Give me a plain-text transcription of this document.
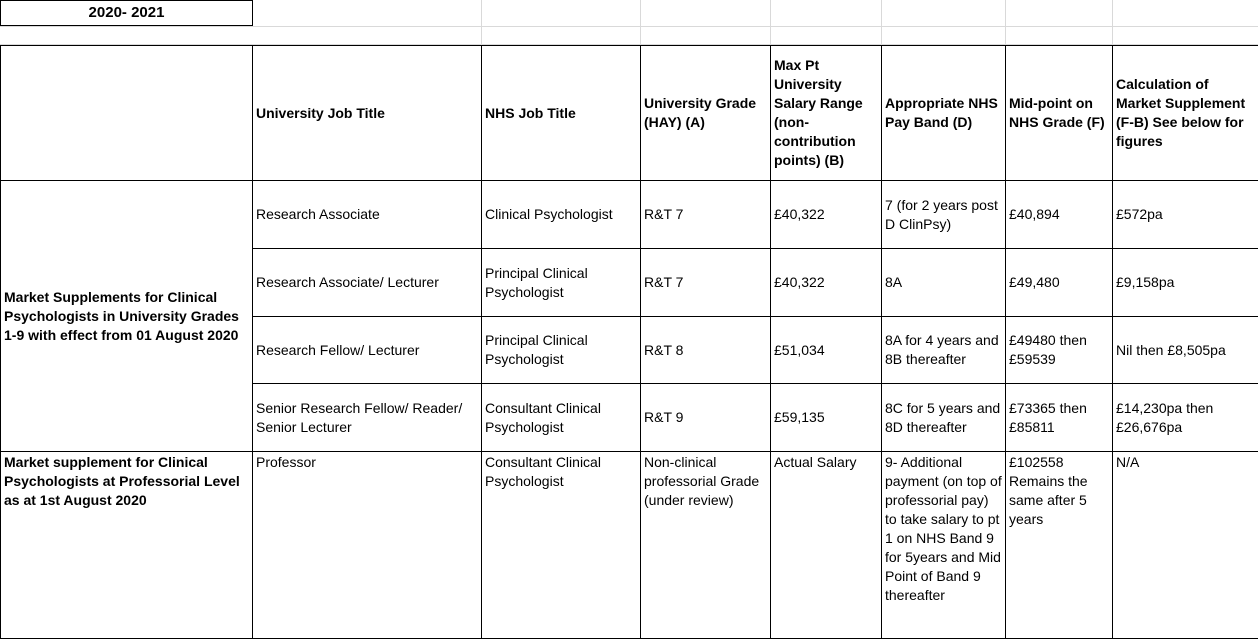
2020- 2021
	University Job Title	NHS Job Title	University Grade (HAY) (A)	Max Pt University Salary Range (non-contribution points) (B)	Appropriate NHS Pay Band (D)	Mid-point on NHS Grade (F)	Calculation of Market Supplement (F-B) See below for figures
Market Supplements for Clinical Psychologists in University Grades 1-9 with effect from 01 August 2020	Research Associate	Clinical Psychologist	R&T 7	£40,322	7 (for 2 years post D ClinPsy)	£40,894	£572pa
	Research Associate/ Lecturer	Principal Clinical Psychologist	R&T 7	£40,322	8A	£49,480	£9,158pa
	Research Fellow/ Lecturer	Principal Clinical Psychologist	R&T 8	£51,034	8A for 4 years and 8B thereafter	£49480 then £59539	Nil then £8,505pa
	Senior Research Fellow/ Reader/ Senior Lecturer	Consultant Clinical Psychologist	R&T 9	£59,135	8C for 5 years and 8D thereafter	£73365 then £85811	£14,230pa then £26,676pa
Market supplement for Clinical Psychologists at Professorial Level as at 1st August 2020	Professor	Consultant Clinical Psychologist	Non-clinical professorial Grade (under review)	Actual Salary	9- Additional payment (on top of professorial pay) to take salary to pt 1 on NHS Band 9 for 5years and Mid Point of Band 9 thereafter	£102558 Remains the same after 5 years	N/A
